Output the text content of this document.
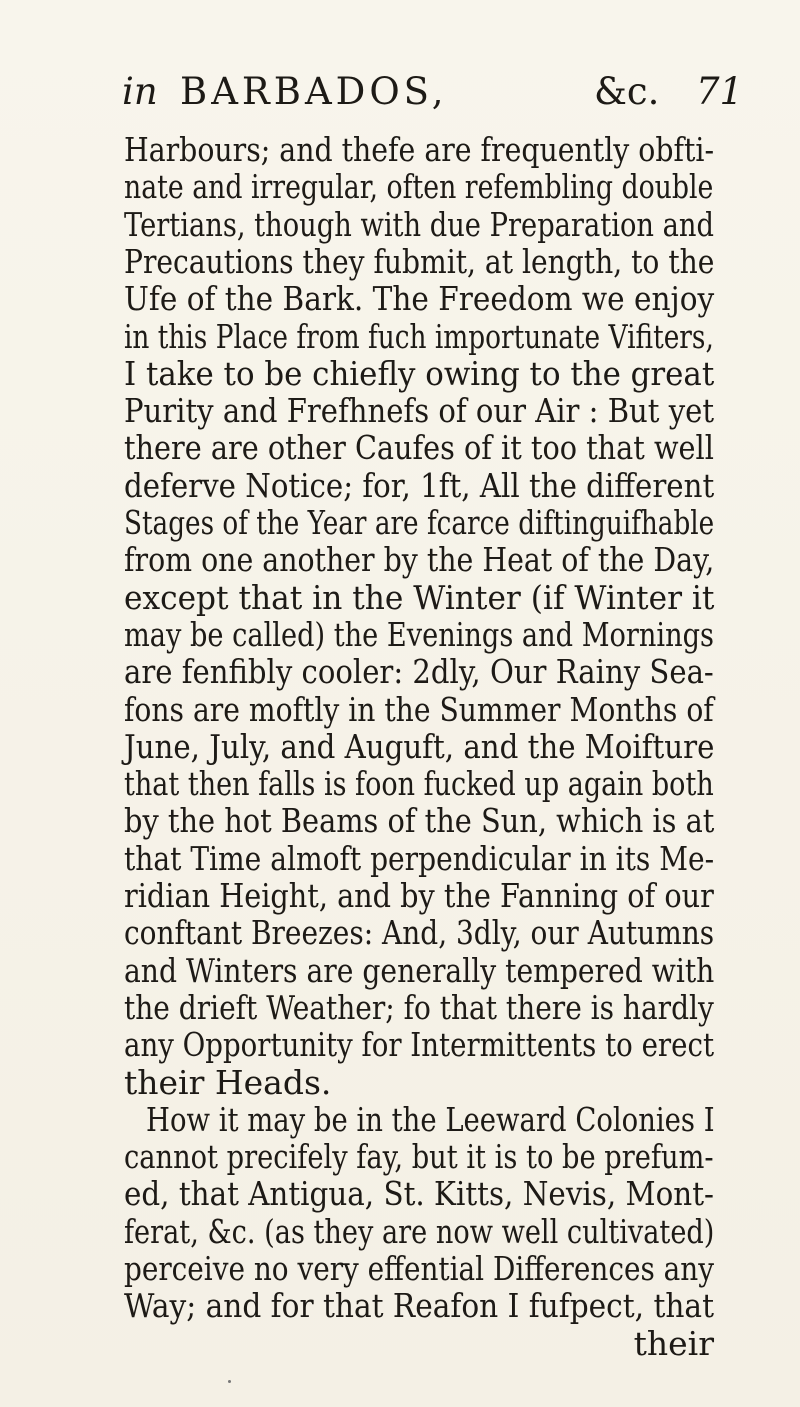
in BARBADOS,	&c. 71
Harbours; and thefe are frequently obfti-
nate and irregular, often refembling double
Tertians, though with due Preparation and
Precautions they fubmit, at length, to the
Ufe of the Bark. The Freedom we enjoy
in this Place from fuch importunate Vifiters,
I take to be chiefly owing to the great
Purity and Frefhnefs of our Air : But yet
there are other Caufes of it too that well
deferve Notice; for, 1ft, All the different
Stages of the Year are fcarce diftinguifhable
from one another by the Heat of the Day,
except that in the Winter (if Winter it
may be called) the Evenings and Mornings
are fenfibly cooler: 2dly, Our Rainy Sea-
fons are moftly in the Summer Months of
June, July, and Auguft, and the Moifture
that then falls is foon fucked up again both
by the hot Beams of the Sun, which is at
that Time almoft perpendicular in its Me-
ridian Height, and by the Fanning of our
conftant Breezes: And, 3dly, our Autumns
and Winters are generally tempered with
the drieft Weather; fo that there is hardly
any Opportunity for Intermittents to erect
their Heads.
How it may be in the Leeward Colonies I
cannot precifely fay, but it is to be prefum-
ed, that Antigua, St. Kitts, Nevis, Mont-
ferat, &c. (as they are now well cultivated)
perceive no very effential Differences any
Way; and for that Reafon I fufpect, that
their
